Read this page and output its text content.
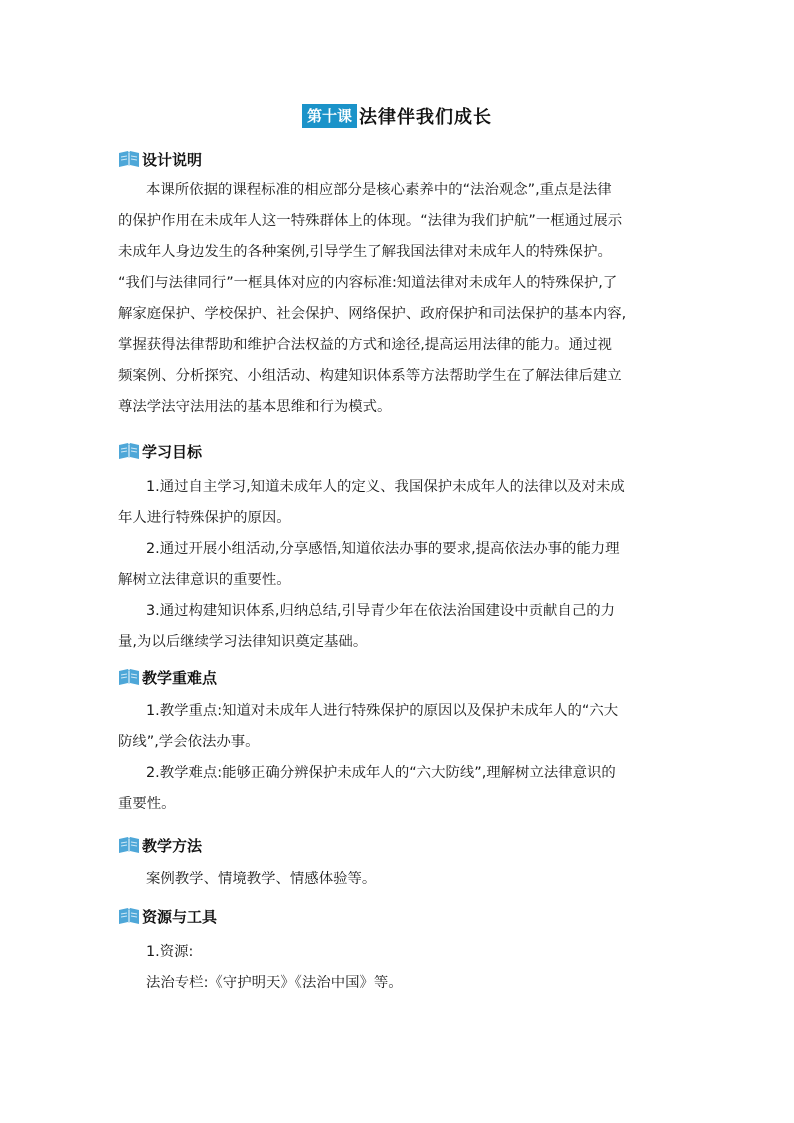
第十课 法律伴我们成长
设计说明
本课所依据的课程标准的相应部分是核心素养中的“法治观念”,重点是法律
的保护作用在未成年人这一特殊群体上的体现。“法律为我们护航”一框通过展示
未成年人身边发生的各种案例,引导学生了解我国法律对未成年人的特殊保护。
“我们与法律同行”一框具体对应的内容标准:知道法律对未成年人的特殊保护,了
解家庭保护、学校保护、社会保护、网络保护、政府保护和司法保护的基本内容,
掌握获得法律帮助和维护合法权益的方式和途径,提高运用法律的能力。通过视
频案例、分析探究、小组活动、构建知识体系等方法帮助学生在了解法律后建立
尊法学法守法用法的基本思维和行为模式。
学习目标
1.通过自主学习,知道未成年人的定义、我国保护未成年人的法律以及对未成
年人进行特殊保护的原因。
2.通过开展小组活动,分享感悟,知道依法办事的要求,提高依法办事的能力理
解树立法律意识的重要性。
3.通过构建知识体系,归纳总结,引导青少年在依法治国建设中贡献自己的力
量,为以后继续学习法律知识奠定基础。
教学重难点
1.教学重点:知道对未成年人进行特殊保护的原因以及保护未成年人的“六大
防线”,学会依法办事。
2.教学难点:能够正确分辨保护未成年人的“六大防线”,理解树立法律意识的
重要性。
教学方法
案例教学、情境教学、情感体验等。
资源与工具
1.资源:
法治专栏:《守护明天》《法治中国》等。
